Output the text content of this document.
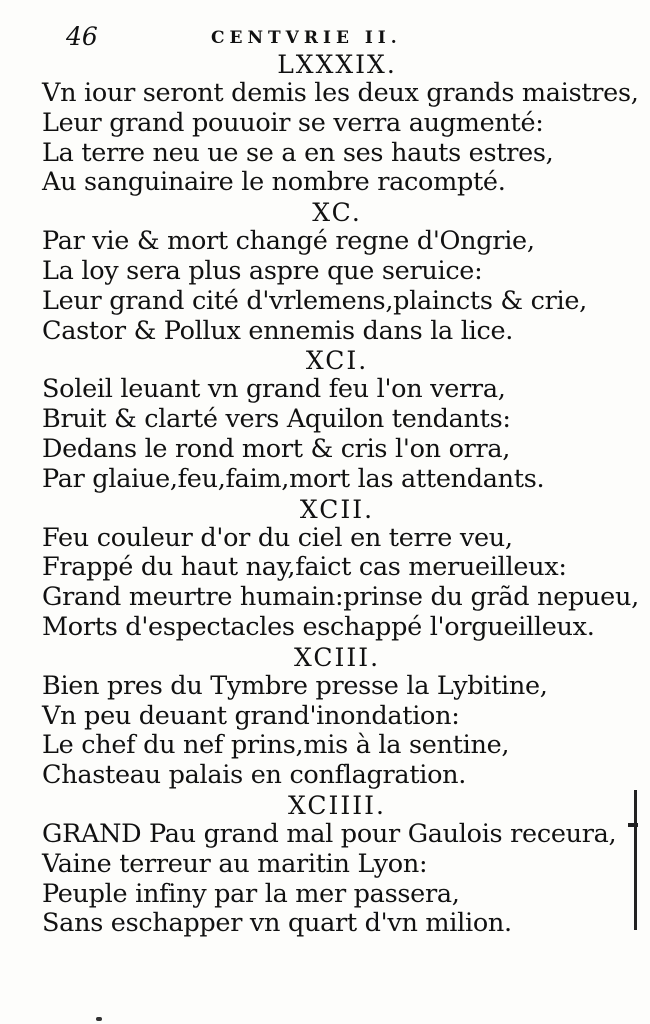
46	CENTVRIE II.
LXXXIX.
Vn iour seront demis les deux grands maistres,
Leur grand pouuoir se verra augmenté:
La terre neu ue se a en ses hauts estres,
Au sanguinaire le nombre racompté.
XC.
Par vie & mort changé regne d'Ongrie,
La loy sera plus aspre que seruice:
Leur grand cité d'vrlemens,plaincts & crie,
Castor & Pollux ennemis dans la lice.
XCI.
Soleil leuant vn grand feu l'on verra,
Bruit & clarté vers Aquilon tendants:
Dedans le rond mort & cris l'on orra,
Par glaiue,feu,faim,mort las attendants.
XCII.
Feu couleur d'or du ciel en terre veu,
Frappé du haut nay,faict cas merueilleux:
Grand meurtre humain:prinse du grãd nepueu,
Morts d'espectacles eschappé l'orgueilleux.
XCIII.
Bien pres du Tymbre presse la Lybitine,
Vn peu deuant grand'inondation:
Le chef du nef prins,mis à la sentine,
Chasteau palais en conflagration.
XCIIII.
GRAND Pau grand mal pour Gaulois receura,
Vaine terreur au maritin Lyon:
Peuple infiny par la mer passera,
Sans eschapper vn quart d'vn milion.
